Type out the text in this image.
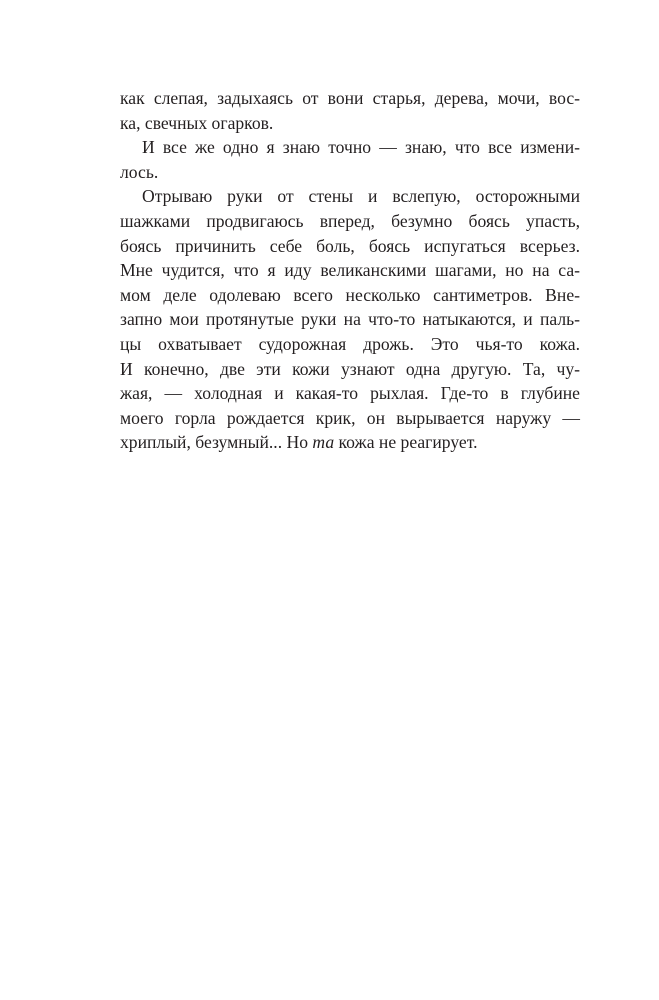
как слепая, задыхаясь от вони старья, дерева, мочи, вос-
ка, свечных огарков.
И все же одно я знаю точно — знаю, что все измени-
лось.
Отрываю руки от стены и вслепую, осторожными
шажками продвигаюсь вперед, безумно боясь упасть,
боясь причинить себе боль, боясь испугаться всерьез.
Мне чудится, что я иду великанскими шагами, но на са-
мом деле одолеваю всего несколько сантиметров. Вне-
запно мои протянутые руки на что-то натыкаются, и паль-
цы охватывает судорожная дрожь. Это чья-то кожа.
И конечно, две эти кожи узнают одна другую. Та, чу-
жая, — холодная и какая-то рыхлая. Где-то в глубине
моего горла рождается крик, он вырывается наружу —
хриплый, безумный... Но та кожа не реагирует.
